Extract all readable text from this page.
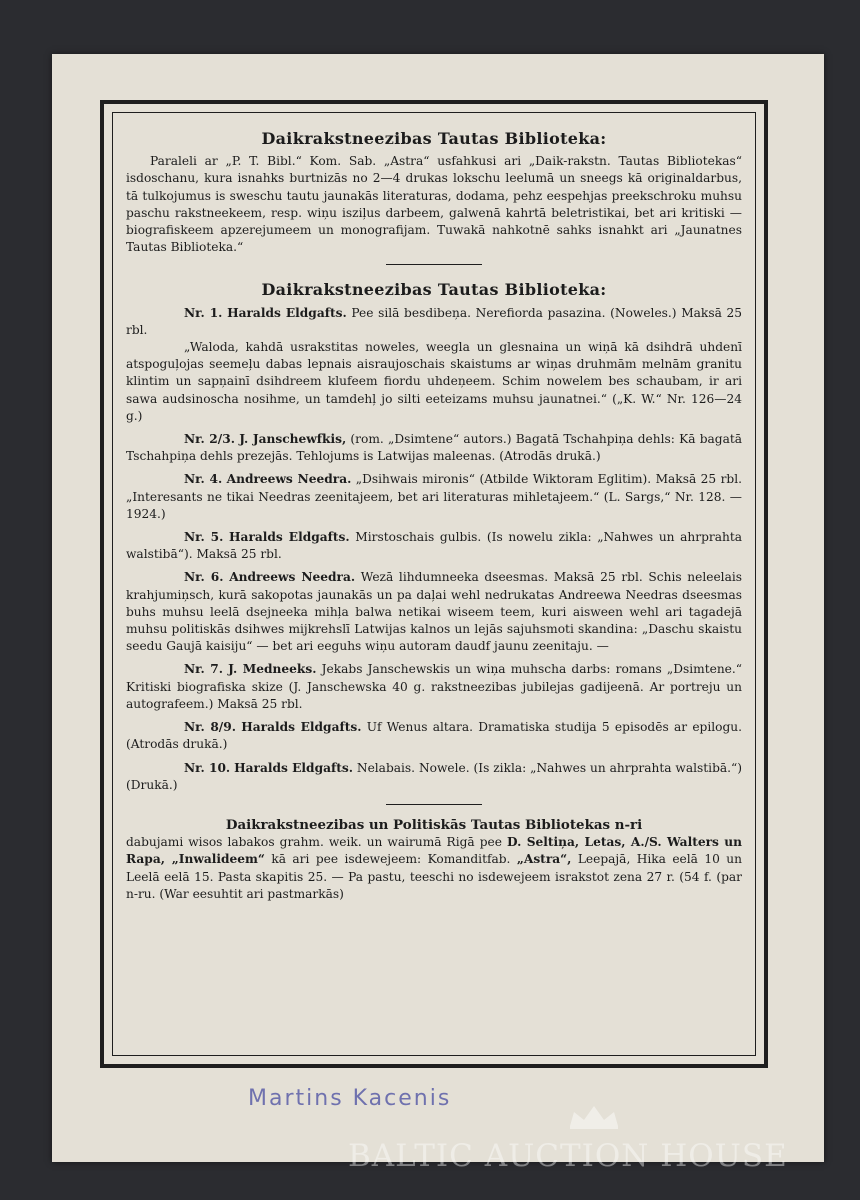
Daikrakstneezibas Tautas Biblioteka:

Paraleli ar „P. T. Bibl.“ Kom. Sab. „Astra“ usfahkusi ari „Daik-rakstn. Tautas Bibliotekas“ isdoschanu, kura isnahks burtnizās no 2—4 drukas lokschu leelumā un sneegs kā originaldarbus, tā tulkojumus is sweschu tautu jaunakās literaturas, dodama, pehz eespehjas preekschroku muhsu paschu rakstneekeem, resp. wiņu isziļus darbeem, galwenā kahrtā beletristikai, bet ari kritiski — biografiskeem apzerejumeem un monografijam. Tuwakā nahkotnē sahks isnahkt ari „Jaunatnes Tautas Biblioteka.“

Daikrakstneezibas Tautas Biblioteka:

Nr. 1. Haralds Eldgafts. Pee silā besdibeņa. Nerefiorda pasazina. (Noweles.) Maksā 25 rbl.

„Waloda, kahdā usrakstitas noweles, weegla un glesnaina un wiņā kā dsihdrā uhdenī atspoguļojas seemeļu dabas lepnais aisraujoschais skaistums ar wiņas druhmām melnām granitu klintim un sapņainī dsihdreem klufeem fiordu uhdeņeem. Schim nowelem bes schaubam, ir ari sawa audsinoscha nosihme, un tamdehļ jo silti eeteizams muhsu jaunatnei.“ („K. W.“ Nr. 126—24 g.)

Nr. 2/3. J. Janschewfkis, (rom. „Dsimtene“ autors.) Bagatā Tschahpiņa dehls: Kā bagatā Tschahpiņa dehls prezejās. Tehlojums is Latwijas maleenas. (Atrodās drukā.)

Nr. 4. Andreews Needra. „Dsihwais mironis“ (Atbilde Wiktoram Eglitim). Maksā 25 rbl. „Interesants ne tikai Needras zeenitajeem, bet ari literaturas mihletajeem.“ (L. Sargs,“ Nr. 128. — 1924.)

Nr. 5. Haralds Eldgafts. Mirstoschais gulbis. (Is nowelu zikla: „Nahwes un ahrprahta walstibā“). Maksā 25 rbl.

Nr. 6. Andreews Needra. Wezā lihdumneeka dseesmas. Maksā 25 rbl. Schis neleelais krahjumiņsch, kurā sakopotas jaunakās un pa daļai wehl nedrukatas Andreewa Needras dseesmas buhs muhsu leelā dsejneeka mihļa balwa netikai wiseem teem, kuri aisween wehl ari tagadejā muhsu politiskās dsihwes mijkrehslī Latwijas kalnos un lejās sajuhsmoti skandina: „Daschu skaistu seedu Gaujā kaisiju“ — bet ari eeguhs wiņu autoram daudf jaunu zeenitaju. —

Nr. 7. J. Medneeks. Jekabs Janschewskis un wiņa muhscha darbs: romans „Dsimtene.“ Kritiski biografiska skize (J. Janschewska 40 g. rakstneezibas jubilejas gadijeenā. Ar portreju un autografeem.) Maksā 25 rbl.

Nr. 8/9. Haralds Eldgafts. Uf Wenus altara. Dramatiska studija 5 episodēs ar epilogu. (Atrodās drukā.)

Nr. 10. Haralds Eldgafts. Nelabais. Nowele. (Is zikla: „Nahwes un ahrprahta walstibā.“) (Drukā.)

Daikrakstneezibas un Politiskās Tautas Bibliotekas n-ri

dabujami wisos labakos grahm. weik. un wairumā Rigā pee D. Seltiņa, Letas, A./S. Walters un Rapa, „Inwalideem“ kā ari pee isdewejeem: Komanditfab. „Astra“, Leepajā, Hika eelā 10 un Leelā eelā 15. Pasta skapitis 25. — Pa pastu, teeschi no isdewejeem israkstot zena 27 r. (54 f. (par n-ru. (War eesuhtit ari pastmarkās)

Martins Kacenis
BALTIC AUCTION HOUSE
